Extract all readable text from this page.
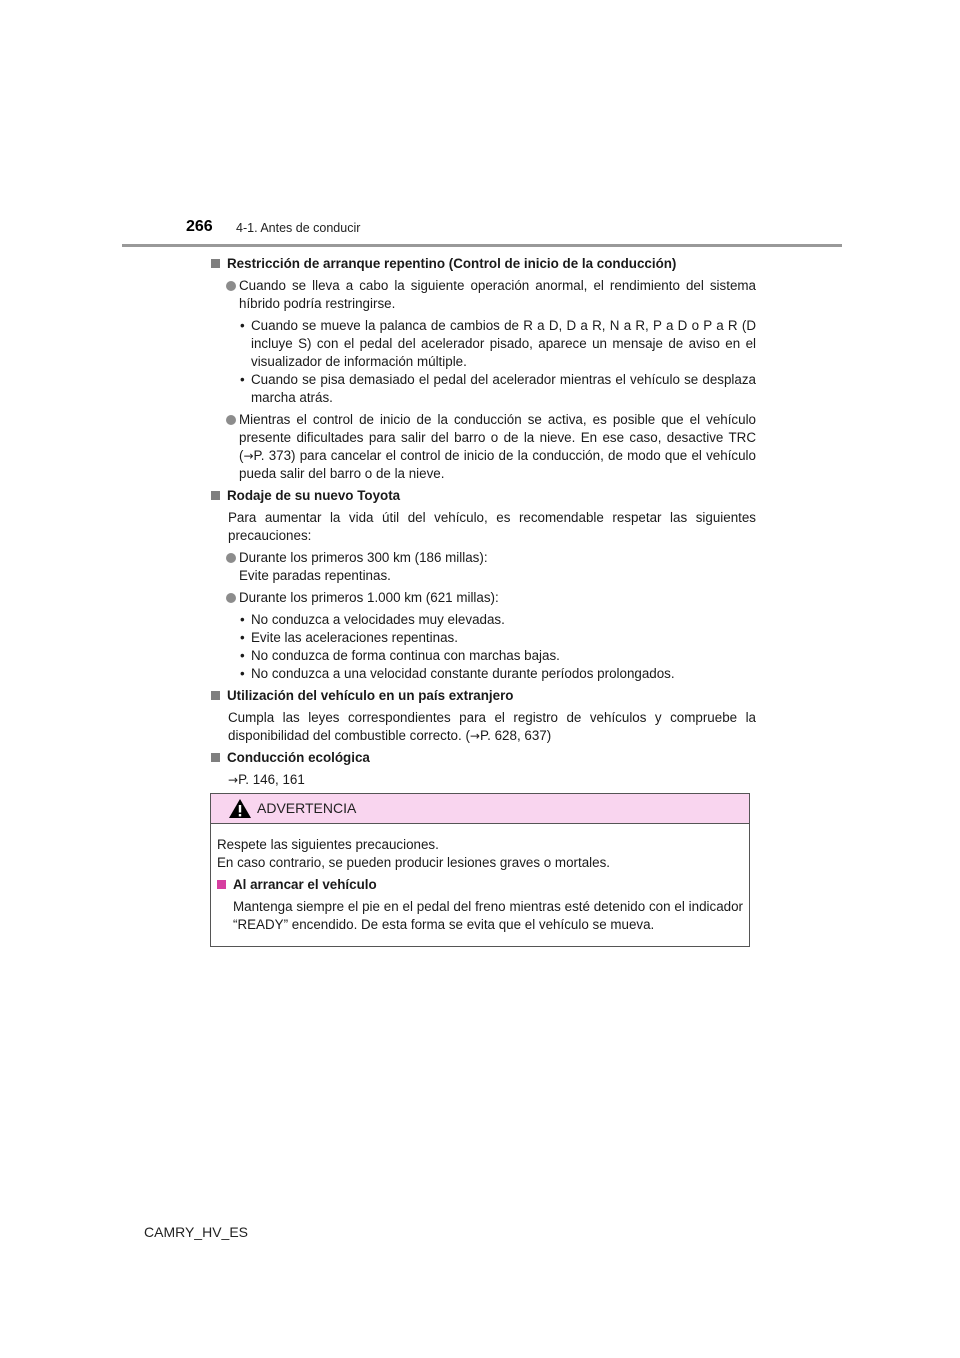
266 4-1. Antes de conducir
Restricción de arranque repentino (Control de inicio de la conducción)
Cuando se lleva a cabo la siguiente operación anormal, el rendimiento del sistema híbrido podría restringirse.
• Cuando se mueve la palanca de cambios de R a D, D a R, N a R, P a D o P a R (D incluye S) con el pedal del acelerador pisado, aparece un mensaje de aviso en el visualizador de información múltiple.
• Cuando se pisa demasiado el pedal del acelerador mientras el vehículo se desplaza marcha atrás.
Mientras el control de inicio de la conducción se activa, es posible que el vehículo presente dificultades para salir del barro o de la nieve. En ese caso, desactive TRC (→P. 373) para cancelar el control de inicio de la conducción, de modo que el vehículo pueda salir del barro o de la nieve.
Rodaje de su nuevo Toyota
Para aumentar la vida útil del vehículo, es recomendable respetar las siguientes precauciones:
Durante los primeros 300 km (186 millas):
Evite paradas repentinas.
Durante los primeros 1.000 km (621 millas):
• No conduzca a velocidades muy elevadas.
• Evite las aceleraciones repentinas.
• No conduzca de forma continua con marchas bajas.
• No conduzca a una velocidad constante durante períodos prolongados.
Utilización del vehículo en un país extranjero
Cumpla las leyes correspondientes para el registro de vehículos y compruebe la disponibilidad del combustible correcto. (→P. 628, 637)
Conducción ecológica
→P. 146, 161
ADVERTENCIA
Respete las siguientes precauciones.
En caso contrario, se pueden producir lesiones graves o mortales.
Al arrancar el vehículo
Mantenga siempre el pie en el pedal del freno mientras esté detenido con el indicador “READY” encendido. De esta forma se evita que el vehículo se mueva.
CAMRY_HV_ES
